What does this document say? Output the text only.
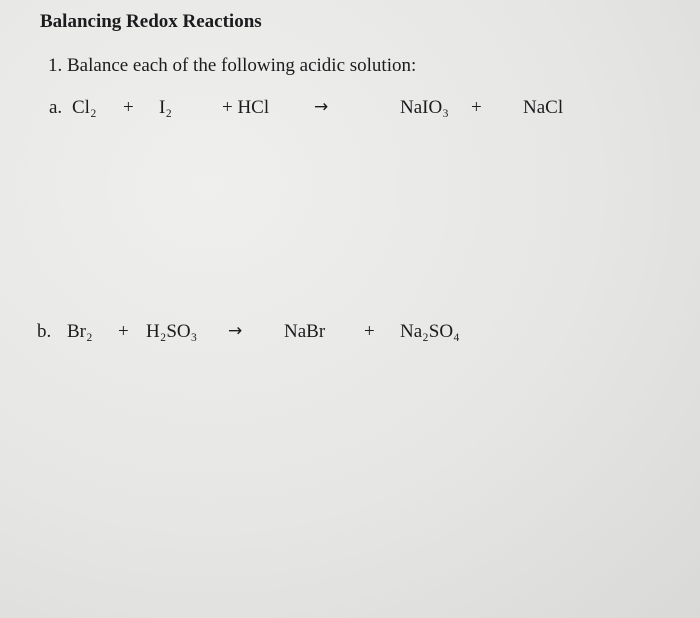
Balancing Redox Reactions
1. Balance each of the following acidic solution:
a. Cl₂ + I₂	+ HCl	→	NaIO₃ + NaCl
b. Br₂ + H₂SO₃ → NaBr + Na₂SO₄
